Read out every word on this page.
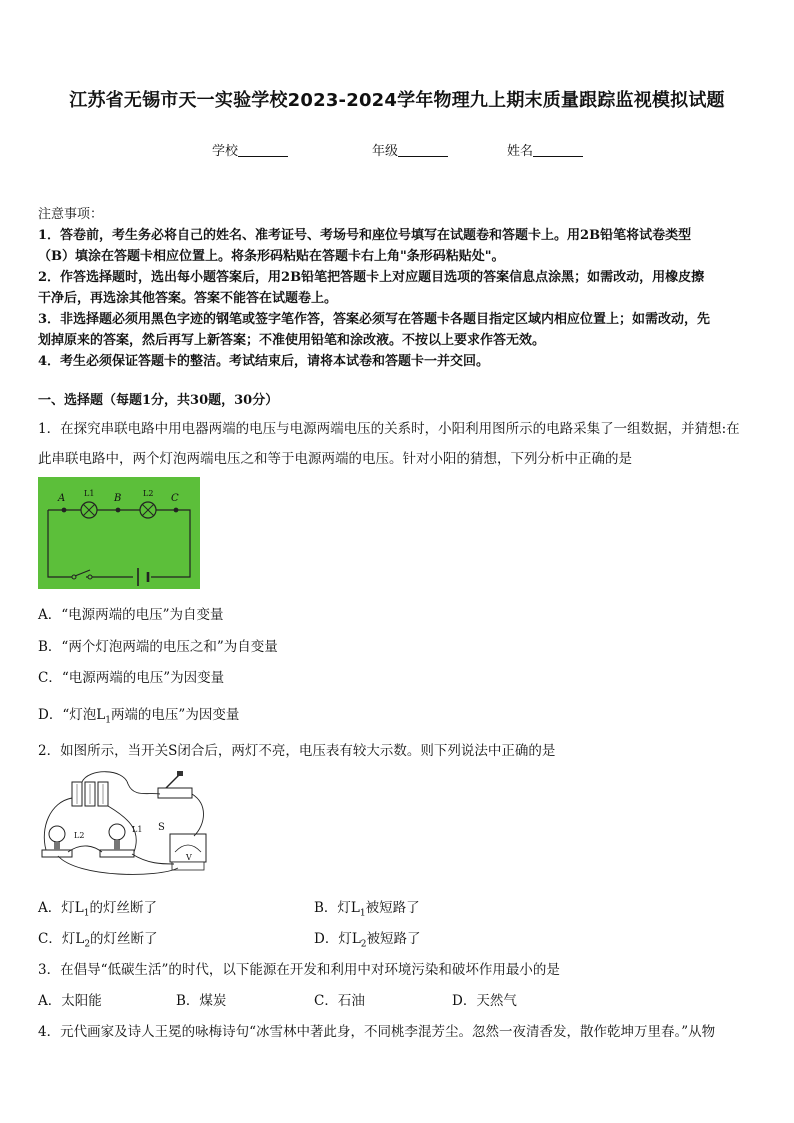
江苏省无锡市天一实验学校2023-2024学年物理九上期末质量跟踪监视模拟试题
学校	年级	姓名
注意事项：
1．答卷前，考生务必将自己的姓名、准考证号、考场号和座位号填写在试题卷和答题卡上。用2B铅笔将试卷类型
（B）填涂在答题卡相应位置上。将条形码粘贴在答题卡右上角"条形码粘贴处"。
2．作答选择题时，选出每小题答案后，用2B铅笔把答题卡上对应题目选项的答案信息点涂黑；如需改动，用橡皮擦
干净后，再选涂其他答案。答案不能答在试题卷上。
3．非选择题必须用黑色字迹的钢笔或签字笔作答，答案必须写在答题卡各题目指定区域内相应位置上；如需改动，先
划掉原来的答案，然后再写上新答案；不准使用铅笔和涂改液。不按以上要求作答无效。
4．考生必须保证答题卡的整洁。考试结束后，请将本试卷和答题卡一并交回。
一、选择题（每题1分，共30题，30分）
1．在探究串联电路中用电器两端的电压与电源两端电压的关系时，小阳利用图所示的电路采集了一组数据，并猜想:在
此串联电路中，两个灯泡两端电压之和等于电源两端的电压。针对小阳的猜想，下列分析中正确的是
A	B	C
L1	L2
A．“电源两端的电压”为自变量
B．“两个灯泡两端的电压之和”为自变量
C．“电源两端的电压”为因变量
D．“灯泡$L_1$两端的电压”为因变量
2．如图所示，当开关S闭合后，两灯不亮，电压表有较大示数。则下列说法中正确的是
S
L2
L1
V
A．灯$L_1$的灯丝断了	B．灯$L_1$被短路了
C．灯$L_2$的灯丝断了	D．灯$L_2$被短路了
3．在倡导“低碳生活”的时代，以下能源在开发和利用中对环境污染和破坏作用最小的是
A．太阳能	B．煤炭	C．石油	D．天然气
4．元代画家及诗人王冕的咏梅诗句“冰雪林中著此身，不同桃李混芳尘。忽然一夜清香发，散作乾坤万里春。”从物
